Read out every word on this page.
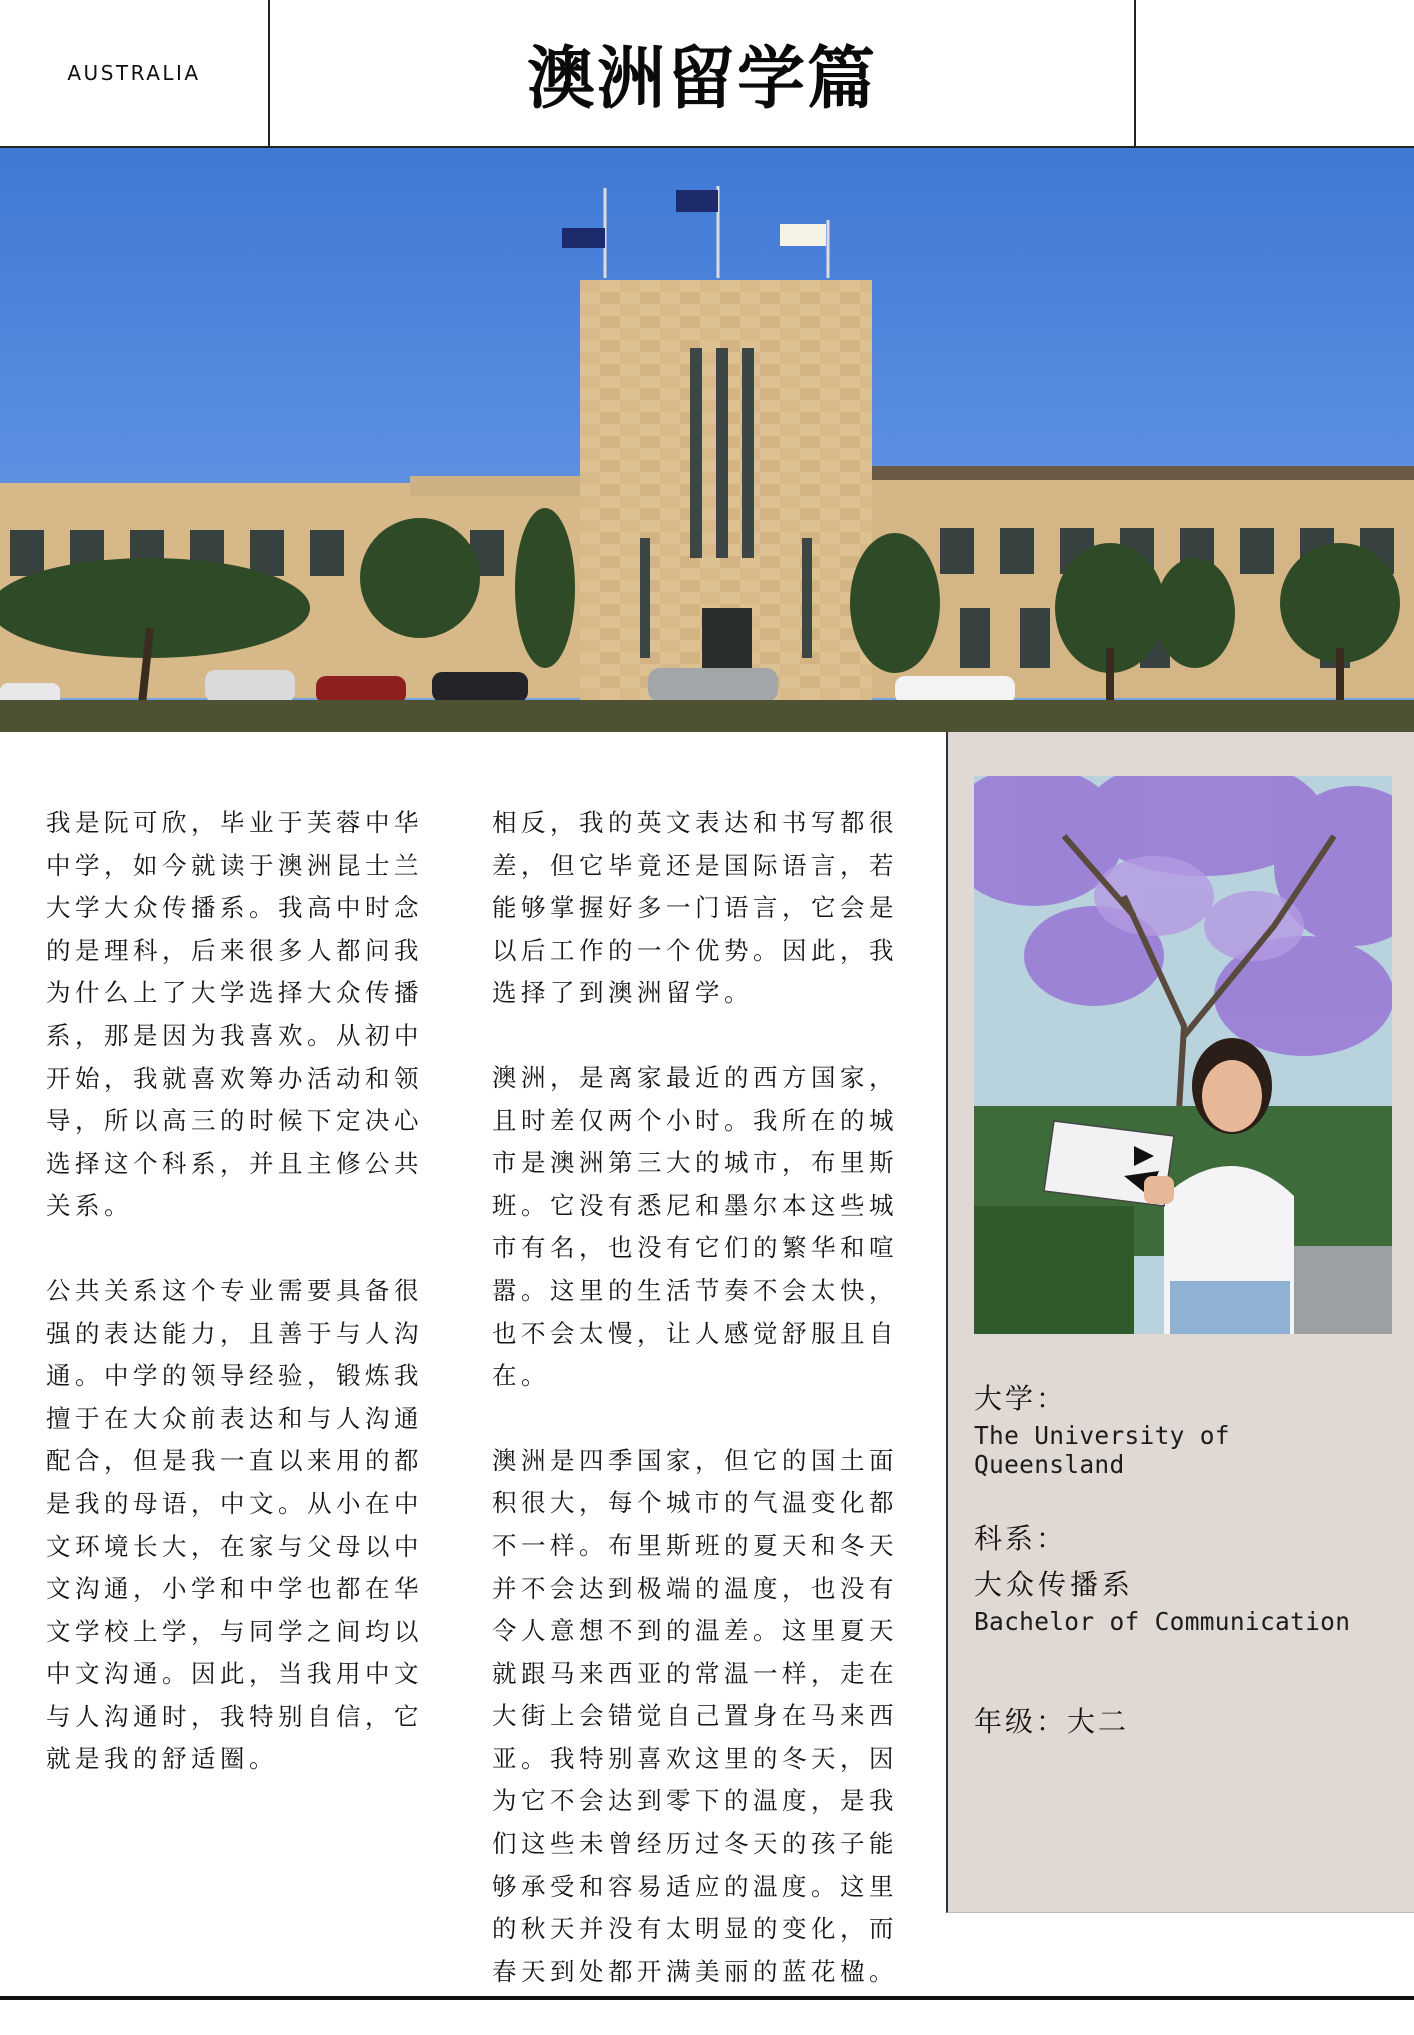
AUSTRALIA	澳洲留学篇

我是阮可欣，毕业于芙蓉中华中学，如今就读于澳洲昆士兰大学大众传播系。我高中时念的是理科，后来很多人都问我为什么上了大学选择大众传播系，那是因为我喜欢。从初中开始，我就喜欢筹办活动和领导，所以高三的时候下定决心选择这个科系，并且主修公共关系。

公共关系这个专业需要具备很强的表达能力，且善于与人沟通。中学的领导经验，锻炼我擅于在大众前表达和与人沟通配合，但是我一直以来用的都是我的母语，中文。从小在中文环境长大，在家与父母以中文沟通，小学和中学也都在华文学校上学，与同学之间均以中文沟通。因此，当我用中文与人沟通时，我特别自信，它就是我的舒适圈。

相反，我的英文表达和书写都很差，但它毕竟还是国际语言，若能够掌握好多一门语言，它会是以后工作的一个优势。因此，我选择了到澳洲留学。

澳洲，是离家最近的西方国家，且时差仅两个小时。我所在的城市是澳洲第三大的城市，布里斯班。它没有悉尼和墨尔本这些城市有名，也没有它们的繁华和喧嚣。这里的生活节奏不会太快，也不会太慢，让人感觉舒服且自在。

澳洲是四季国家，但它的国土面积很大，每个城市的气温变化都不一样。布里斯班的夏天和冬天并不会达到极端的温度，也没有令人意想不到的温差。这里夏天就跟马来西亚的常温一样，走在大街上会错觉自己置身在马来西亚。我特别喜欢这里的冬天，因为它不会达到零下的温度，是我们这些未曾经历过冬天的孩子能够承受和容易适应的温度。这里的秋天并没有太明显的变化，而春天到处都开满美丽的蓝花楹。

大学：
The University of Queensland
科系：
大众传播系
Bachelor of Communication
年级：大二
